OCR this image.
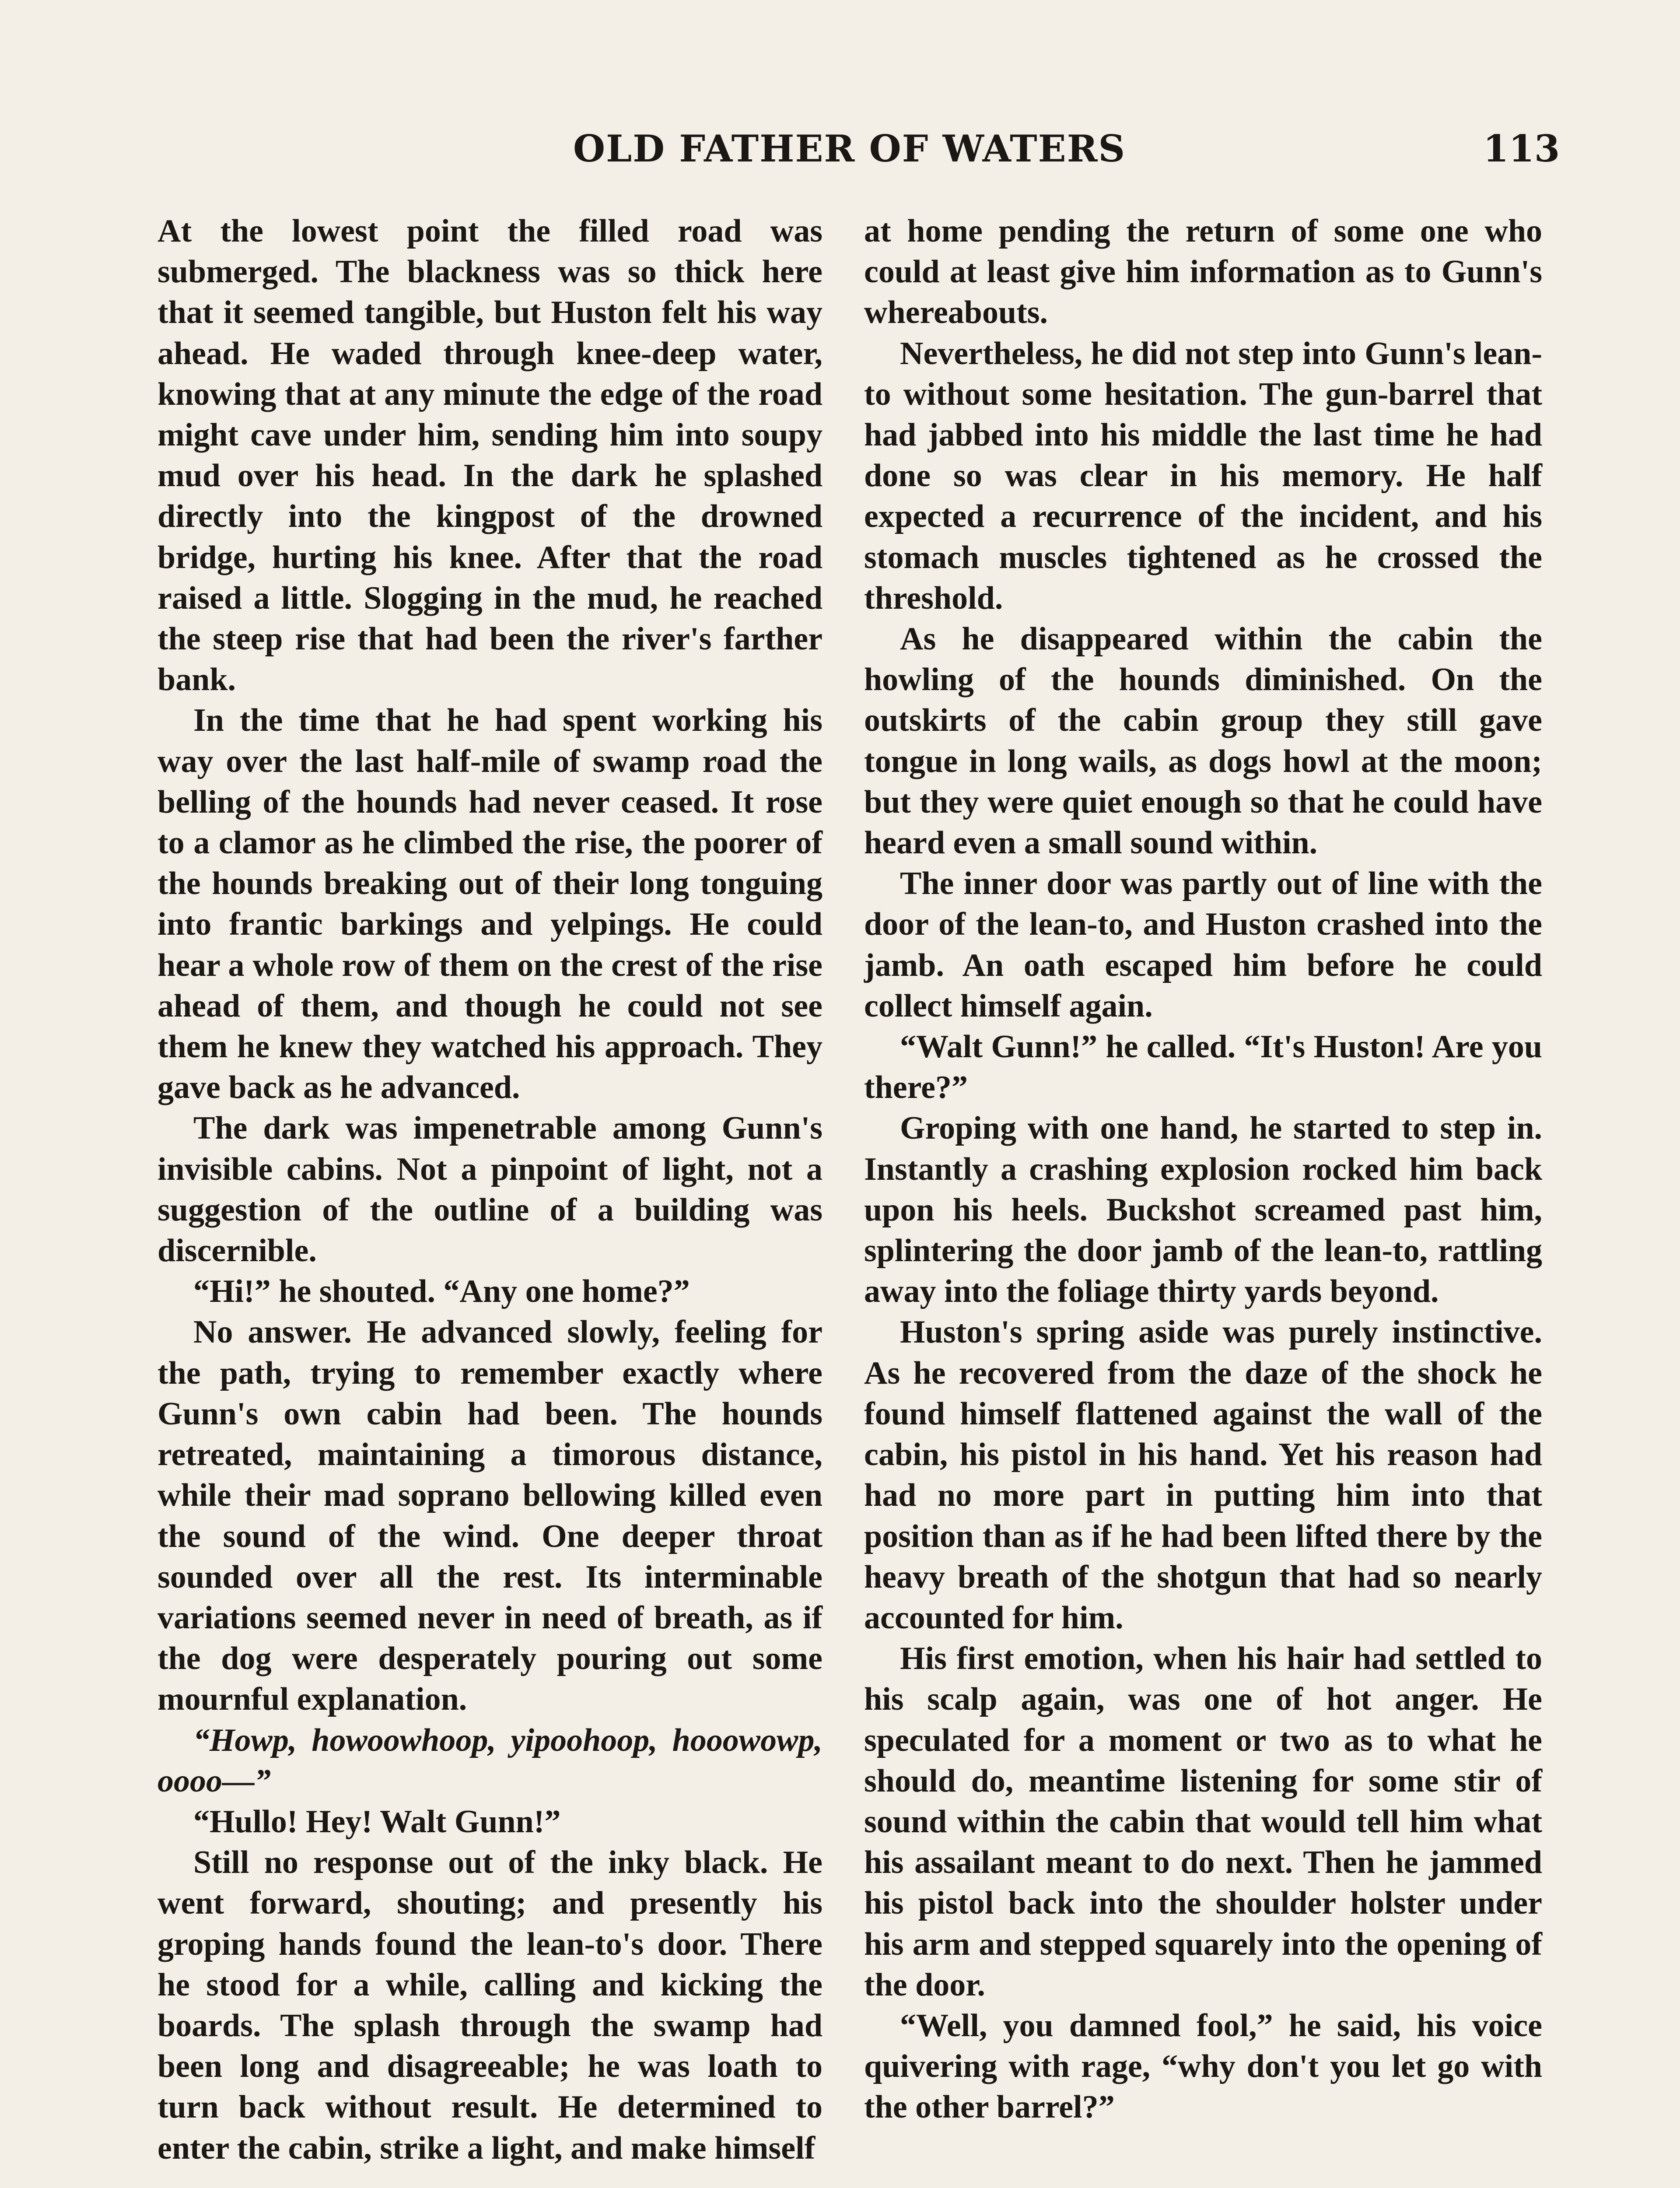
OLD FATHER OF WATERS	113

At the lowest point the filled road was submerged. The blackness was so thick here that it seemed tangible, but Huston felt his way ahead. He waded through knee-deep water, knowing that at any minute the edge of the road might cave under him, sending him into soupy mud over his head. In the dark he splashed directly into the kingpost of the drowned bridge, hurting his knee. After that the road raised a little. Slogging in the mud, he reached the steep rise that had been the river's farther bank.

In the time that he had spent working his way over the last half-mile of swamp road the belling of the hounds had never ceased. It rose to a clamor as he climbed the rise, the poorer of the hounds breaking out of their long tonguing into frantic barkings and yelpings. He could hear a whole row of them on the crest of the rise ahead of them, and though he could not see them he knew they watched his approach. They gave back as he advanced.

The dark was impenetrable among Gunn's invisible cabins. Not a pinpoint of light, not a suggestion of the outline of a building was discernible.

“Hi!” he shouted. “Any one home?”

No answer. He advanced slowly, feeling for the path, trying to remember exactly where Gunn's own cabin had been. The hounds retreated, maintaining a timorous distance, while their mad soprano bellowing killed even the sound of the wind. One deeper throat sounded over all the rest. Its interminable variations seemed never in need of breath, as if the dog were desperately pouring out some mournful explanation.

“Howp, howoowhoop, yipoohoop, hooowowp, oooo—”

“Hullo! Hey! Walt Gunn!”

Still no response out of the inky black. He went forward, shouting; and presently his groping hands found the lean-to's door. There he stood for a while, calling and kicking the boards. The splash through the swamp had been long and disagreeable; he was loath to turn back without result. He determined to enter the cabin, strike a light, and make himself

at home pending the return of some one who could at least give him information as to Gunn's whereabouts.

Nevertheless, he did not step into Gunn's lean-to without some hesitation. The gun-barrel that had jabbed into his middle the last time he had done so was clear in his memory. He half expected a recurrence of the incident, and his stomach muscles tightened as he crossed the threshold.

As he disappeared within the cabin the howling of the hounds diminished. On the outskirts of the cabin group they still gave tongue in long wails, as dogs howl at the moon; but they were quiet enough so that he could have heard even a small sound within.

The inner door was partly out of line with the door of the lean-to, and Huston crashed into the jamb. An oath escaped him before he could collect himself again.

“Walt Gunn!” he called. “It's Huston! Are you there?”

Groping with one hand, he started to step in. Instantly a crashing explosion rocked him back upon his heels. Buckshot screamed past him, splintering the door jamb of the lean-to, rattling away into the foliage thirty yards beyond.

Huston's spring aside was purely instinctive. As he recovered from the daze of the shock he found himself flattened against the wall of the cabin, his pistol in his hand. Yet his reason had had no more part in putting him into that position than as if he had been lifted there by the heavy breath of the shotgun that had so nearly accounted for him.

His first emotion, when his hair had settled to his scalp again, was one of hot anger. He speculated for a moment or two as to what he should do, meantime listening for some stir of sound within the cabin that would tell him what his assailant meant to do next. Then he jammed his pistol back into the shoulder holster under his arm and stepped squarely into the opening of the door.

“Well, you damned fool,” he said, his voice quivering with rage, “why don't you let go with the other barrel?”
